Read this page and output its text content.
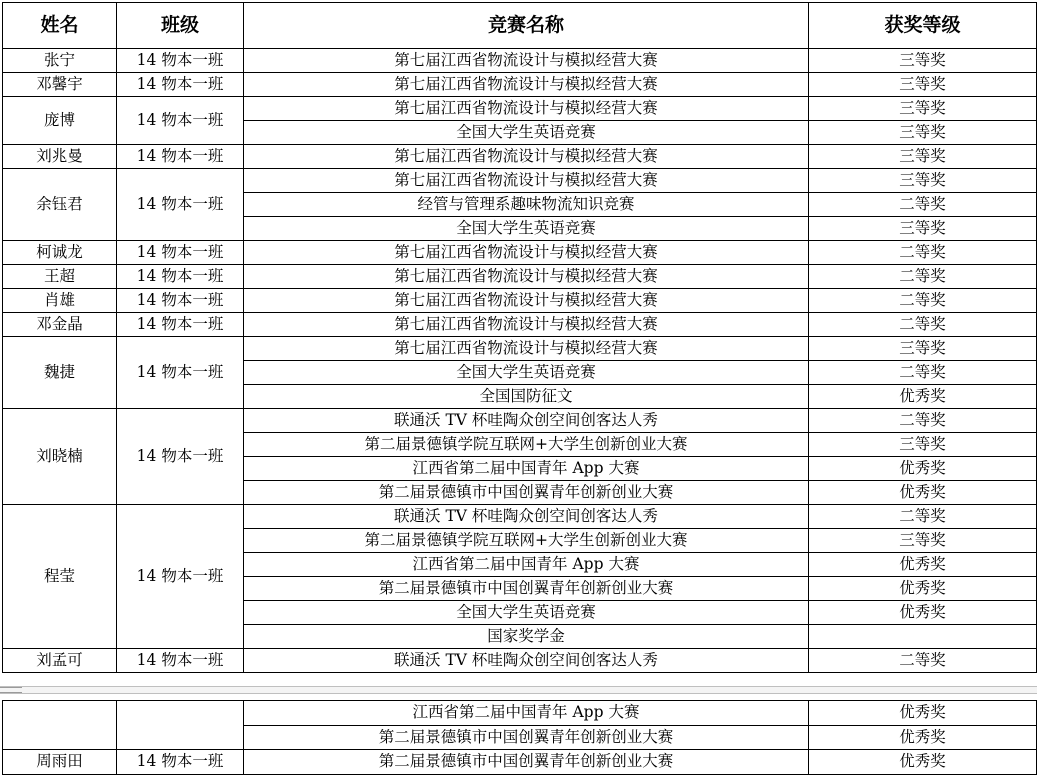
姓名	班级	竞赛名称	获奖等级
张宁	14 物本一班	第七届江西省物流设计与模拟经营大赛	三等奖
邓馨宇	14 物本一班	第七届江西省物流设计与模拟经营大赛	三等奖
庞博	14 物本一班	第七届江西省物流设计与模拟经营大赛	三等奖
		全国大学生英语竞赛	三等奖
刘兆曼	14 物本一班	第七届江西省物流设计与模拟经营大赛	三等奖
余钰君	14 物本一班	第七届江西省物流设计与模拟经营大赛	三等奖
		经管与管理系趣味物流知识竞赛	二等奖
		全国大学生英语竞赛	三等奖
柯诚龙	14 物本一班	第七届江西省物流设计与模拟经营大赛	二等奖
王超	14 物本一班	第七届江西省物流设计与模拟经营大赛	二等奖
肖雄	14 物本一班	第七届江西省物流设计与模拟经营大赛	二等奖
邓金晶	14 物本一班	第七届江西省物流设计与模拟经营大赛	二等奖
魏捷	14 物本一班	第七届江西省物流设计与模拟经营大赛	三等奖
		全国大学生英语竞赛	二等奖
		全国国防征文	优秀奖
刘晓楠	14 物本一班	联通沃 TV 杯哇陶众创空间创客达人秀	二等奖
		第二届景德镇学院互联网+大学生创新创业大赛	三等奖
		江西省第二届中国青年 App 大赛	优秀奖
		第二届景德镇市中国创翼青年创新创业大赛	优秀奖
程莹	14 物本一班	联通沃 TV 杯哇陶众创空间创客达人秀	二等奖
		第二届景德镇学院互联网+大学生创新创业大赛	三等奖
		江西省第二届中国青年 App 大赛	优秀奖
		第二届景德镇市中国创翼青年创新创业大赛	优秀奖
		全国大学生英语竞赛	优秀奖
		国家奖学金	
刘孟可	14 物本一班	联通沃 TV 杯哇陶众创空间创客达人秀	二等奖
		江西省第二届中国青年 App 大赛	优秀奖
		第二届景德镇市中国创翼青年创新创业大赛	优秀奖
周雨田	14 物本一班	第二届景德镇市中国创翼青年创新创业大赛	优秀奖
